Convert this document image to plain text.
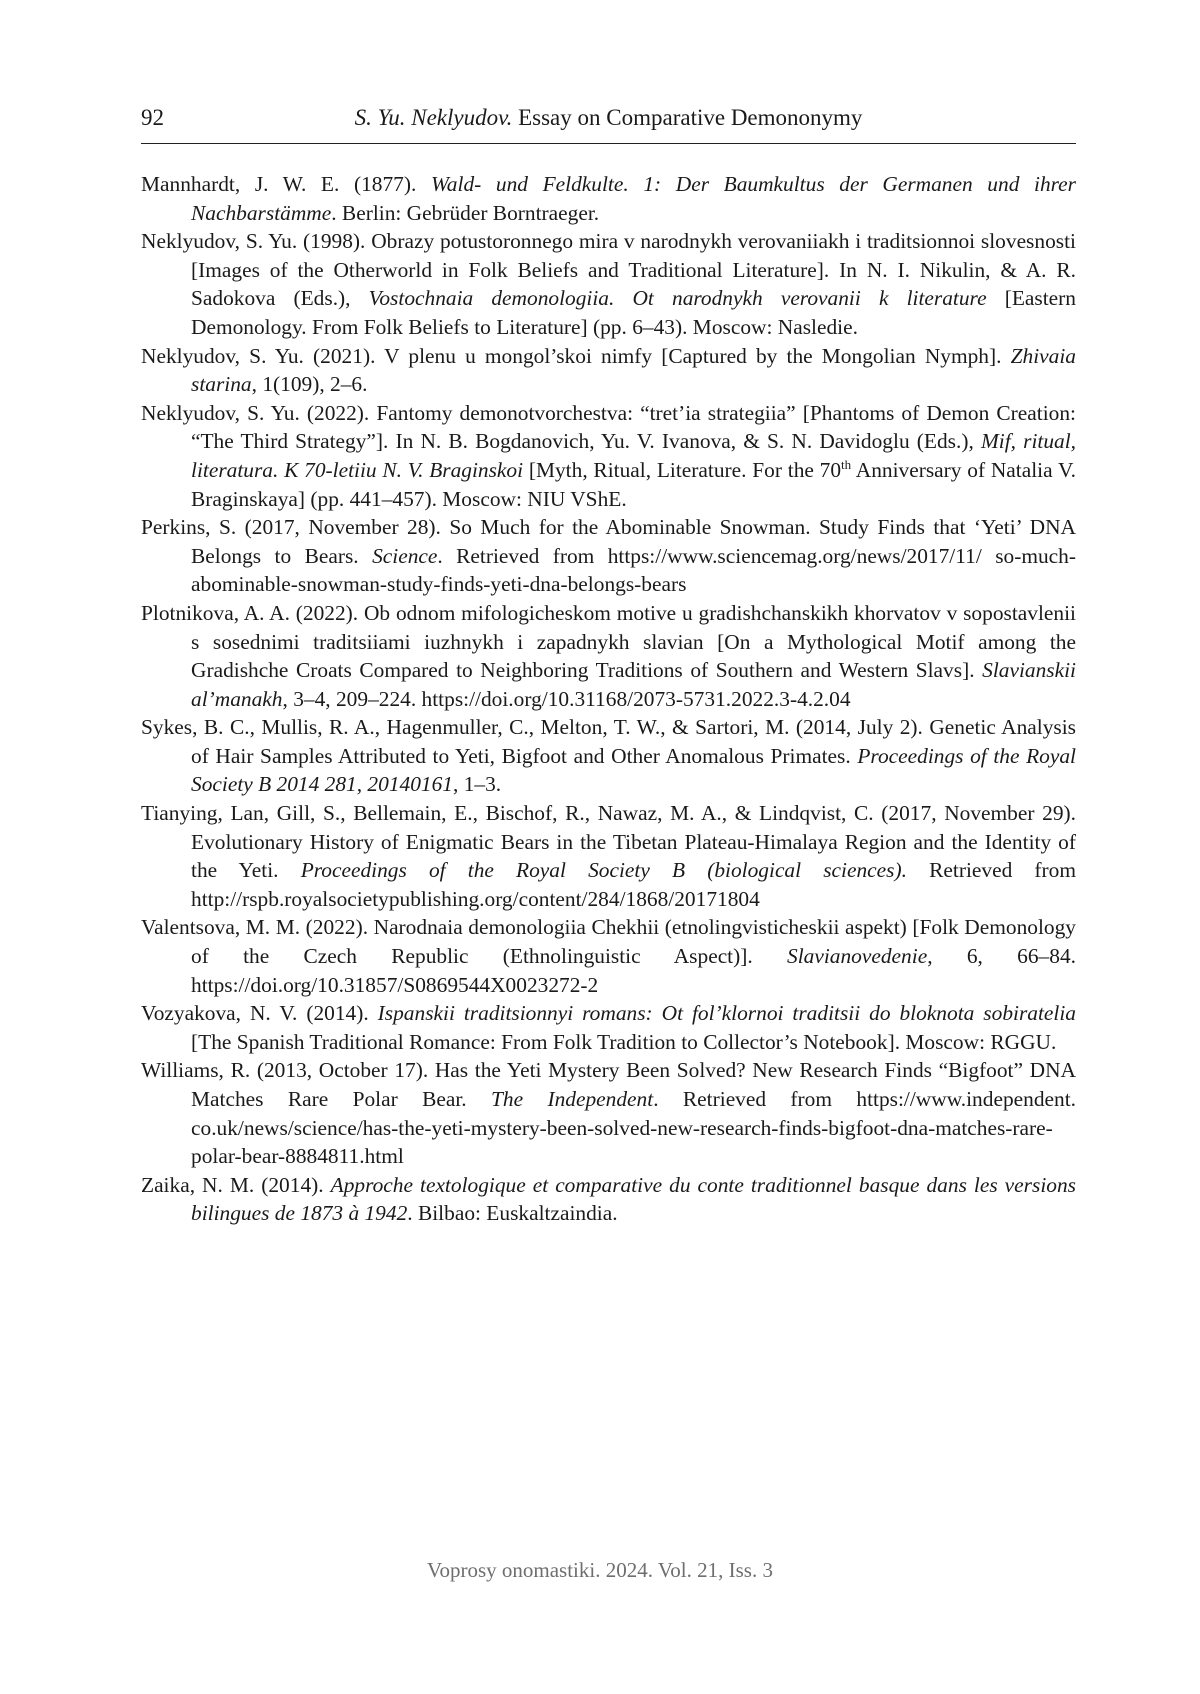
92	S. Yu. Neklyudov. Essay on Comparative Demononymy

Mannhardt, J. W. E. (1877). Wald- und Feldkulte. 1: Der Baumkultus der Germanen und ihrer Nachbarstämme. Berlin: Gebrüder Borntraeger.

Neklyudov, S. Yu. (1998). Obrazy potustoronnego mira v narodnykh verovaniiakh i traditsionnoi slovesnosti [Images of the Otherworld in Folk Beliefs and Traditional Literature]. In N. I. Nikulin, & A. R. Sadokova (Eds.), Vostochnaia demonologiia. Ot narodnykh verovanii k literature [Eastern Demonology. From Folk Beliefs to Literature] (pp. 6–43). Moscow: Nasledie.

Neklyudov, S. Yu. (2021). V plenu u mongol’skoi nimfy [Captured by the Mongolian Nymph]. Zhivaia starina, 1(109), 2–6.

Neklyudov, S. Yu. (2022). Fantomy demonotvorchestva: “tret’ia strategiia” [Phantoms of Demon Creation: “The Third Strategy”]. In N. B. Bogdanovich, Yu. V. Ivanova, & S. N. Davidoglu (Eds.), Mif, ritual, literatura. K 70-letiiu N. V. Braginskoi [Myth, Ritual, Literature. For the 70th Anniversary of Natalia V. Braginskaya] (pp. 441–457). Moscow: NIU VShE.

Perkins, S. (2017, November 28). So Much for the Abominable Snowman. Study Finds that ‘Yeti’ DNA Belongs to Bears. Science. Retrieved from https://www.sciencemag.org/news/2017/11/ so-much-abominable-snowman-study-finds-yeti-dna-belongs-bears

Plotnikova, A. A. (2022). Ob odnom mifologicheskom motive u gradishchanskikh khorvatov v sopostavlenii s sosednimi traditsiiami iuzhnykh i zapadnykh slavian [On a Mythological Motif among the Gradishche Croats Compared to Neighboring Traditions of Southern and Western Slavs]. Slavianskii al’manakh, 3–4, 209–224. https://doi.org/10.31168/2073-5731.2022.3-4.2.04

Sykes, B. C., Mullis, R. A., Hagenmuller, C., Melton, T. W., & Sartori, M. (2014, July 2). Genetic Analysis of Hair Samples Attributed to Yeti, Bigfoot and Other Anomalous Primates. Proceedings of the Royal Society B 2014 281, 20140161, 1–3.

Tianying, Lan, Gill, S., Bellemain, E., Bischof, R., Nawaz, M. A., & Lindqvist, C. (2017, November 29). Evolutionary History of Enigmatic Bears in the Tibetan Plateau-Himalaya Region and the Identity of the Yeti. Proceedings of the Royal Society B (biological sciences). Retrieved from http://rspb.royalsocietypublishing.org/content/284/1868/20171804

Valentsova, M. M. (2022). Narodnaia demonologiia Chekhii (etnolingvisticheskii aspekt) [Folk Demonology of the Czech Republic (Ethnolinguistic Aspect)]. Slavianovedenie, 6, 66–84. https://doi.org/10.31857/S0869544X0023272-2

Vozyakova, N. V. (2014). Ispanskii traditsionnyi romans: Ot fol’klornoi traditsii do bloknota sobiratelia [The Spanish Traditional Romance: From Folk Tradition to Collector’s Notebook]. Moscow: RGGU.

Williams, R. (2013, October 17). Has the Yeti Mystery Been Solved? New Research Finds “Bigfoot” DNA Matches Rare Polar Bear. The Independent. Retrieved from https://www.independent. co.uk/news/science/has-the-yeti-mystery-been-solved-new-research-finds-bigfoot-dna-matches-rare-polar-bear-8884811.html

Zaika, N. M. (2014). Approche textologique et comparative du conte traditionnel basque dans les versions bilingues de 1873 à 1942. Bilbao: Euskaltzaindia.

Voprosy onomastiki. 2024. Vol. 21, Iss. 3
